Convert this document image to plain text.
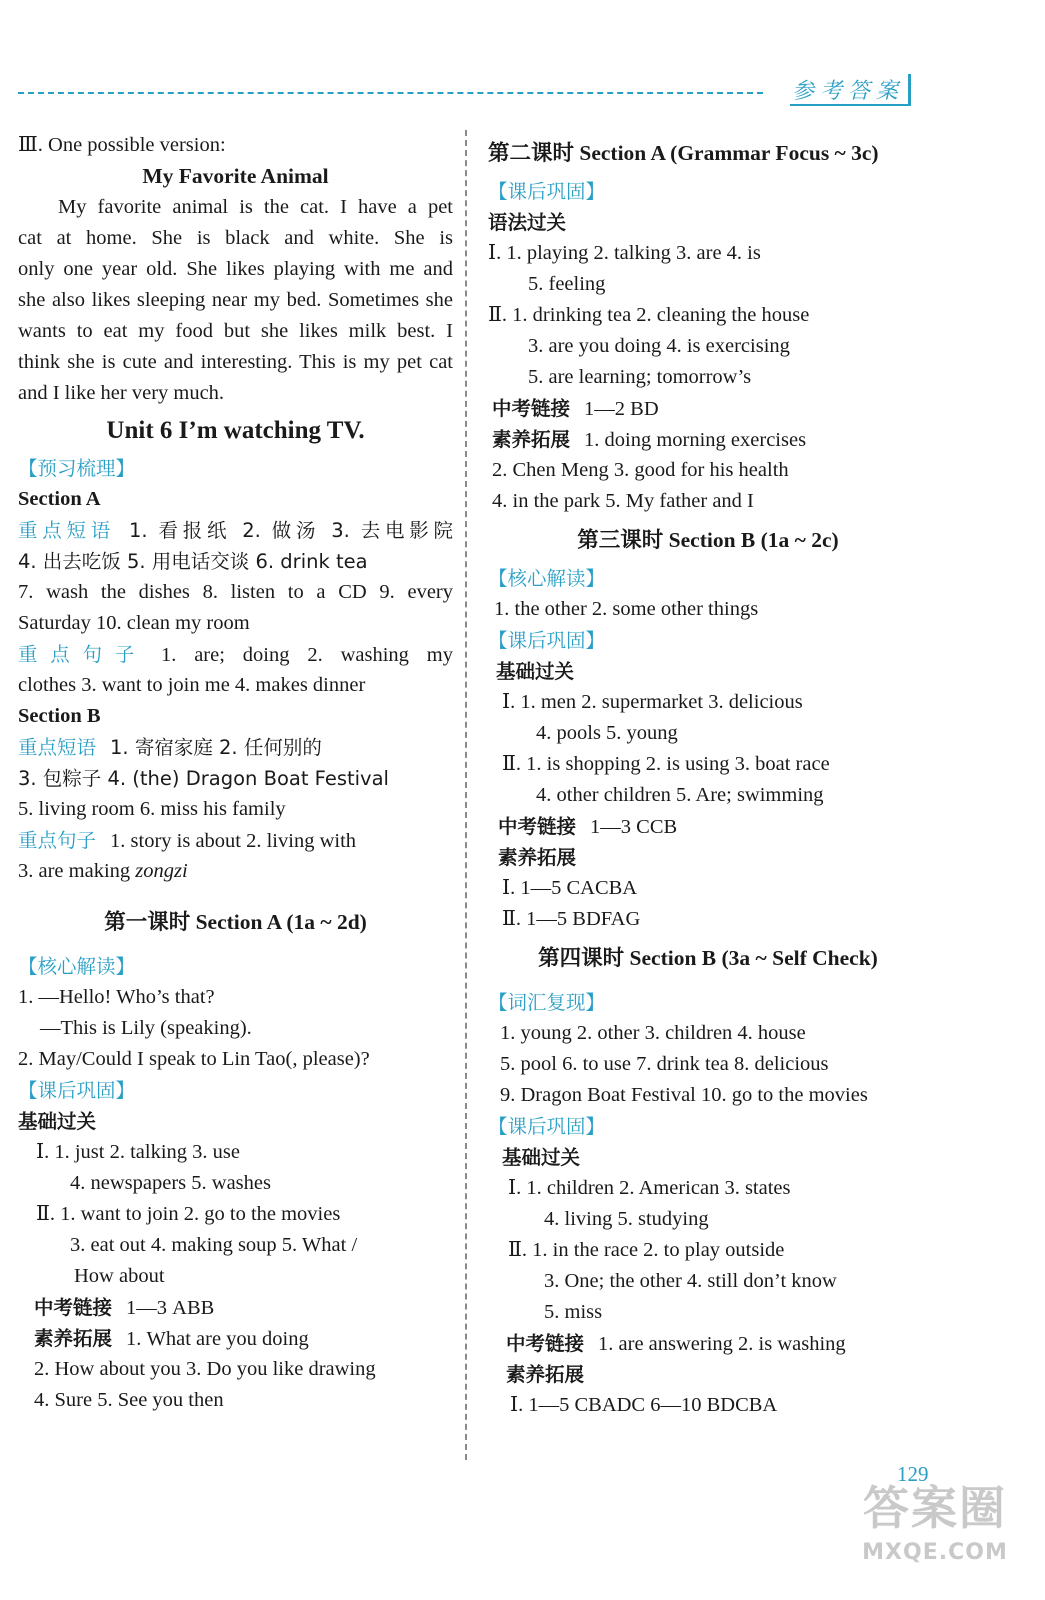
参考答案
Ⅲ. One possible version:
My Favorite Animal
My favorite animal is the cat. I have a pet
cat at home. She is black and white. She is
only one year old. She likes playing with me and
she also likes sleeping near my bed. Sometimes she
wants to eat my food but she likes milk best. I
think she is cute and interesting. This is my pet cat
and I like her very much.
Unit 6 I’m watching TV.
【预习梳理】
Section A
重点短语 1. 看报纸 2. 做汤 3. 去电影院
4. 出去吃饭 5. 用电话交谈 6. drink tea
7. wash the dishes 8. listen to a CD 9. every
Saturday 10. clean my room
重点句子 1. are; doing 2. washing my
clothes 3. want to join me 4. makes dinner
Section B
重点短语 1. 寄宿家庭 2. 任何别的
3. 包粽子 4. (the) Dragon Boat Festival
5. living room 6. miss his family
重点句子 1. story is about 2. living with
3. are making zongzi
第一课时 Section A (1a ~ 2d)
【核心解读】
1. —Hello! Who’s that?
—This is Lily (speaking).
2. May/Could I speak to Lin Tao(, please)?
【课后巩固】
基础过关
Ⅰ. 1. just 2. talking 3. use
4. newspapers 5. washes
Ⅱ. 1. want to join 2. go to the movies
3. eat out 4. making soup 5. What /
How about
中考链接 1—3 ABB
素养拓展 1. What are you doing
2. How about you 3. Do you like drawing
4. Sure 5. See you then
第二课时 Section A (Grammar Focus ~ 3c)
【课后巩固】
语法过关
Ⅰ. 1. playing 2. talking 3. are 4. is
5. feeling
Ⅱ. 1. drinking tea 2. cleaning the house
3. are you doing 4. is exercising
5. are learning; tomorrow’s
中考链接 1—2 BD
素养拓展 1. doing morning exercises
2. Chen Meng 3. good for his health
4. in the park 5. My father and I
第三课时 Section B (1a ~ 2c)
【核心解读】
1. the other 2. some other things
【课后巩固】
基础过关
Ⅰ. 1. men 2. supermarket 3. delicious
4. pools 5. young
Ⅱ. 1. is shopping 2. is using 3. boat race
4. other children 5. Are; swimming
中考链接 1—3 CCB
素养拓展
Ⅰ. 1—5 CACBA
Ⅱ. 1—5 BDFAG
第四课时 Section B (3a ~ Self Check)
【词汇复现】
1. young 2. other 3. children 4. house
5. pool 6. to use 7. drink tea 8. delicious
9. Dragon Boat Festival 10. go to the movies
【课后巩固】
基础过关
Ⅰ. 1. children 2. American 3. states
4. living 5. studying
Ⅱ. 1. in the race 2. to play outside
3. One; the other 4. still don’t know
5. miss
中考链接 1. are answering 2. is washing
素养拓展
Ⅰ. 1—5 CBADC 6—10 BDCBA
129
答案圈
MXQE.COM
